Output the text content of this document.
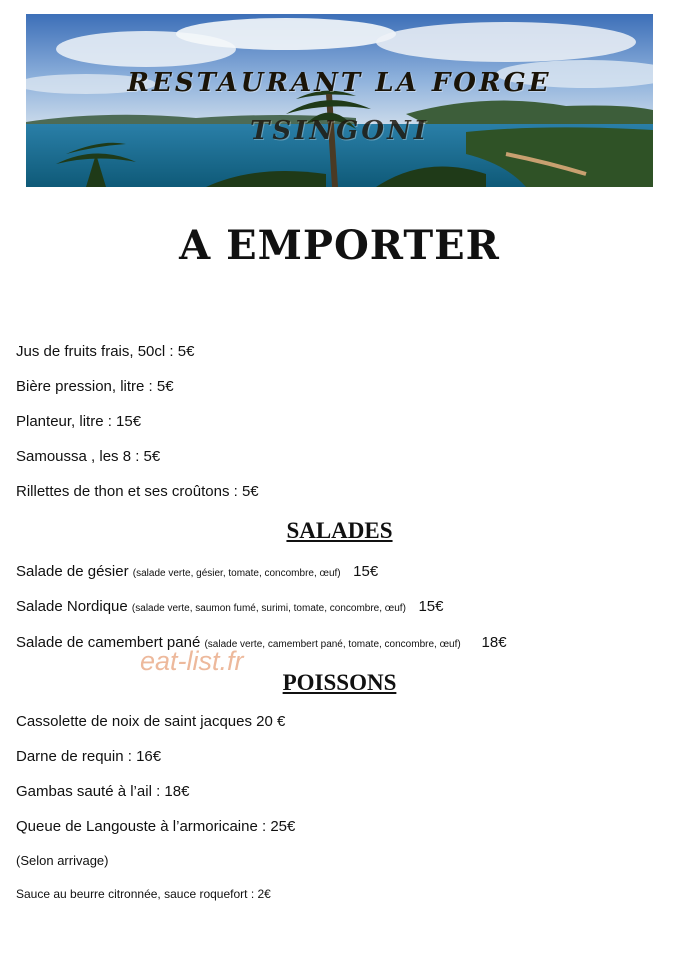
RESTAURANT LA FORGE
TSINGONI
A EMPORTER
Jus de fruits frais, 50cl : 5€
Bière pression, litre : 5€
Planteur, litre : 15€
Samoussa , les 8 : 5€
Rillettes de thon et ses croûtons : 5€
SALADES
Salade de gésier (salade verte, gésier, tomate, concombre, œuf) 15€
Salade Nordique (salade verte, saumon fumé, surimi, tomate, concombre, œuf) 15€
Salade de camembert pané (salade verte, camembert pané, tomate, concombre, œuf) 18€
eat-list.fr
POISSONS
Cassolette de noix de saint jacques 20 €
Darne de requin : 16€
Gambas sauté à l’ail : 18€
Queue de Langouste à l’armoricaine : 25€
(Selon arrivage)
Sauce au beurre citronnée, sauce roquefort : 2€
